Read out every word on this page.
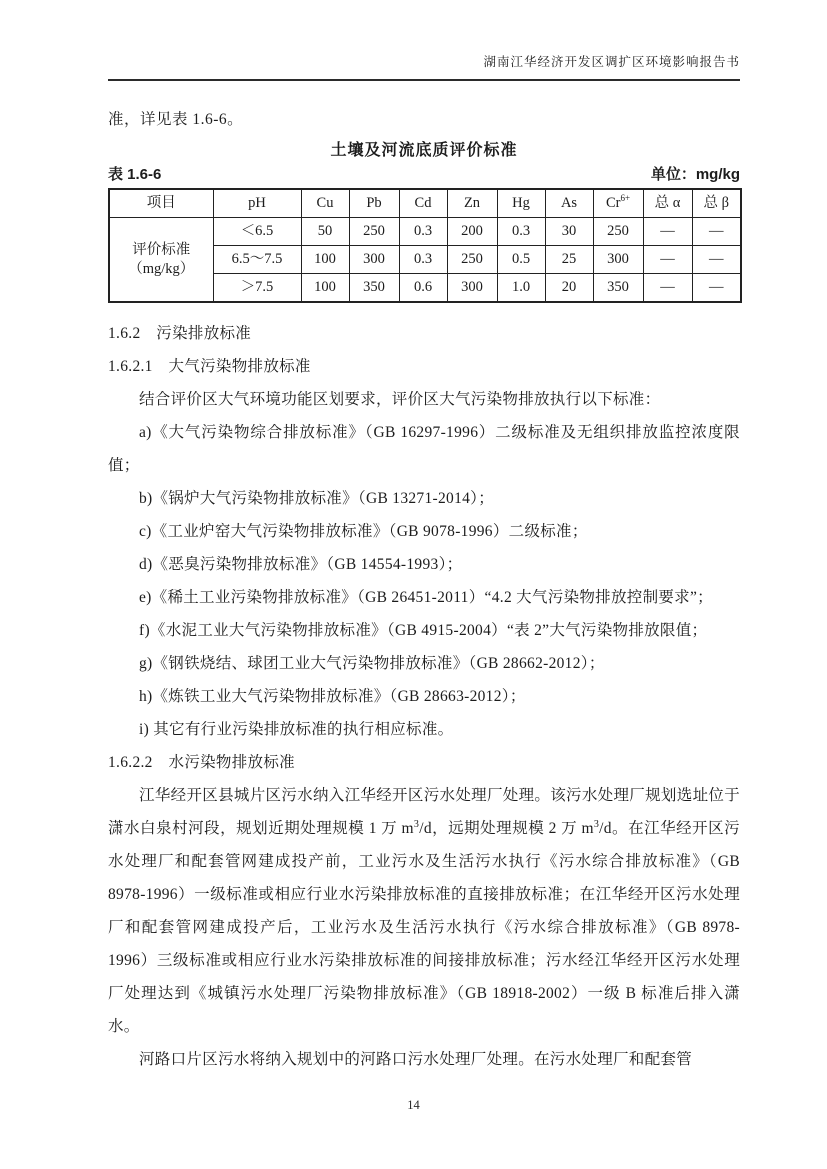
湖南江华经济开发区调扩区环境影响报告书
准，详见表 1.6-6。
土壤及河流底质评价标准
表 1.6-6	单位：mg/kg
项目	pH	Cu	Pb	Cd	Zn	Hg	As	$Cr^{6+}$	总 α	总 β

评价标准
（mg/kg）	＜6.5	50	250	0.3	200	0.3	30	250	—	—
	6.5～7.5	100	300	0.3	250	0.5	25	300	—	—
	＞7.5	100	350	0.6	300	1.0	20	350	—	—
1.6.2　污染排放标准
1.6.2.1　大气污染物排放标准

结合评价区大气环境功能区划要求，评价区大气污染物排放执行以下标准：

a)《大气污染物综合排放标准》（GB 16297-1996）二级标准及无组织排放监控浓度限值；

b)《锅炉大气污染物排放标准》（GB 13271-2014）；

c)《工业炉窑大气污染物排放标准》（GB 9078-1996）二级标准；

d)《恶臭污染物排放标准》（GB 14554-1993）；

e)《稀土工业污染物排放标准》（GB 26451-2011）“4.2 大气污染物排放控制要求”；

f)《水泥工业大气污染物排放标准》（GB 4915-2004）“表 2”大气污染物排放限值；

g)《钢铁烧结、球团工业大气污染物排放标准》（GB 28662-2012）；

h)《炼铁工业大气污染物排放标准》（GB 28663-2012）；

i) 其它有行业污染排放标准的执行相应标准。

1.6.2.2　水污染物排放标准

江华经开区县城片区污水纳入江华经开区污水处理厂处理。该污水处理厂规划选址位于潇水白泉村河段，规划近期处理规模 1 万 $m^3/d$，远期处理规模 2 万 $m^3/d$。在江华经开区污水处理厂和配套管网建成投产前，工业污水及生活污水执行《污水综合排放标准》（GB 8978-1996）一级标准或相应行业水污染排放标准的直接排放标准；在江华经开区污水处理厂和配套管网建成投产后，工业污水及生活污水执行《污水综合排放标准》（GB 8978-1996）三级标准或相应行业水污染排放标准的间接排放标准；污水经江华经开区污水处理厂处理达到《城镇污水处理厂污染物排放标准》（GB 18918-2002）一级 B 标准后排入潇水。

河路口片区污水将纳入规划中的河路口污水处理厂处理。在污水处理厂和配套管

14
